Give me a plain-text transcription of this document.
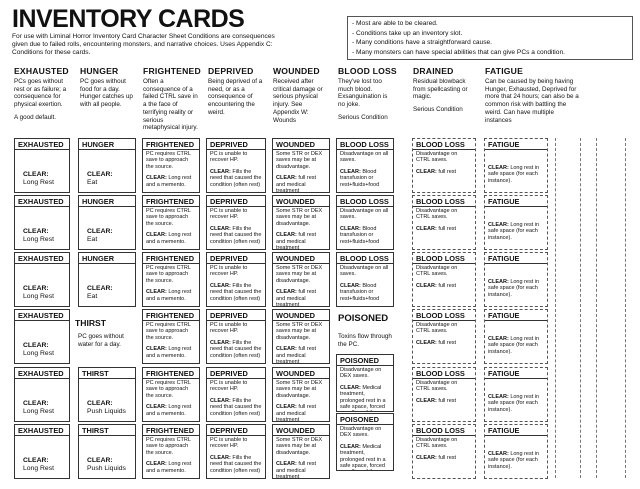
INVENTORY CARDS
For use with Liminal Horror Inventory Card Character Sheet Conditions are consequences given due to failed rolls, encountering monsters, and narrative choices. Uses Appendix C: Conditions for these cards.
- Most are able to be cleared.
- Conditions take up an inventory slot.
- Many conditions have a straightforward cause.
- Many monsters can have special abilities that can give PCs a condition.
EXHAUSTED

PCs goes without rest or as failure; a consequence for physical exertion.

A good default.

HUNGER

PC goes without food for a day. Hunger catches up with all people.

FRIGHTENED

Often a consequence of a failed CTRL save in a the face of terrifying reality or serious metaphysical injury.

DEPRIVED

Being deprived of a need, or as a consequence of encountering the weird.

WOUNDED

Received after critical damage or serious physical injury. See Appendix W: Wounds

BLOOD LOSS

They've lost too much blood. Exsanguination is no joke.

Serious Condition

DRAINED

Residual blowback from spellcasting or magic.

Serious Condition

FATIGUE

Can be caused by being having Hunger, Exhausted, Deprived for more that 24 hours; can also be a common risk with battling the weird. Can have multiple instances

THIRST
PC goes without water for a day.
POISONED
Toxins flow through the PC.
EXHAUSTED
CLEAR:
Long Rest
EXHAUSTED
CLEAR:
Long Rest
EXHAUSTED
CLEAR:
Long Rest
EXHAUSTED
CLEAR:
Long Rest
EXHAUSTED
CLEAR:
Long Rest
EXHAUSTED
CLEAR:
Long Rest
HUNGER
CLEAR:
Eat
HUNGER
CLEAR:
Eat
HUNGER
CLEAR:
Eat
THIRST
CLEAR:
Push Liquids
THIRST
CLEAR:
Push Liquids
FRIGHTENED
PC requires CTRL save to approach the source.
CLEAR: Long rest and a memento.
FRIGHTENED
PC requires CTRL save to approach the source.
CLEAR: Long rest and a memento.
FRIGHTENED
PC requires CTRL save to approach the source.
CLEAR: Long rest and a memento.
FRIGHTENED
PC requires CTRL save to approach the source.
CLEAR: Long rest and a memento.
FRIGHTENED
PC requires CTRL save to approach the source.
CLEAR: Long rest and a memento.
FRIGHTENED
PC requires CTRL save to approach the source.
CLEAR: Long rest and a memento.
DEPRIVED
PC is unable to recover HP.
CLEAR: Fills the need that caused the condition (often rest)
DEPRIVED
PC is unable to recover HP.
CLEAR: Fills the need that caused the condition (often rest)
DEPRIVED
PC is unable to recover HP.
CLEAR: Fills the need that caused the condition (often rest)
DEPRIVED
PC is unable to recover HP.
CLEAR: Fills the need that caused the condition (often rest)
DEPRIVED
PC is unable to recover HP.
CLEAR: Fills the need that caused the condition (often rest)
DEPRIVED
PC is unable to recover HP.
CLEAR: Fills the need that caused the condition (often rest)
WOUNDED
Some STR or DEX saves may be at disadvantage.
CLEAR: full rest and medical treatment
WOUNDED
Some STR or DEX saves may be at disadvantage.
CLEAR: full rest and medical treatment
WOUNDED
Some STR or DEX saves may be at disadvantage.
CLEAR: full rest and medical treatment
WOUNDED
Some STR or DEX saves may be at disadvantage.
CLEAR: full rest and medical treatment
WOUNDED
Some STR or DEX saves may be at disadvantage.
CLEAR: full rest and medical treatment
WOUNDED
Some STR or DEX saves may be at disadvantage.
CLEAR: full rest and medical treatment
BLOOD LOSS
Disadvantage on all saves.
CLEAR: Blood transfusion or rest+fluids+food
BLOOD LOSS
Disadvantage on all saves.
CLEAR: Blood transfusion or rest+fluids+food
BLOOD LOSS
Disadvantage on all saves.
CLEAR: Blood transfusion or rest+fluids+food
POISONED
Disadvantage on DEX saves.
CLEAR: Medical treatment, prolonged rest in a safe space, forced
POISONED
Disadvantage on DEX saves.
CLEAR: Medical treatment, prolonged rest in a safe space, forced
BLOOD LOSS
Disadvantage on CTRL saves.
CLEAR: full rest
BLOOD LOSS
Disadvantage on CTRL saves.
CLEAR: full rest
BLOOD LOSS
Disadvantage on CTRL saves.
CLEAR: full rest
BLOOD LOSS
Disadvantage on CTRL saves.
CLEAR: full rest
BLOOD LOSS
Disadvantage on CTRL saves.
CLEAR: full rest
BLOOD LOSS
Disadvantage on CTRL saves.
CLEAR: full rest
FATIGUE
CLEAR: Long rest in safe space (for each instance).
FATIGUE
CLEAR: Long rest in safe space (for each instance).
FATIGUE
CLEAR: Long rest in safe space (for each instance).
FATIGUE
CLEAR: Long rest in safe space (for each instance).
FATIGUE
CLEAR: Long rest in safe space (for each instance).
FATIGUE
CLEAR: Long rest in safe space (for each instance).
